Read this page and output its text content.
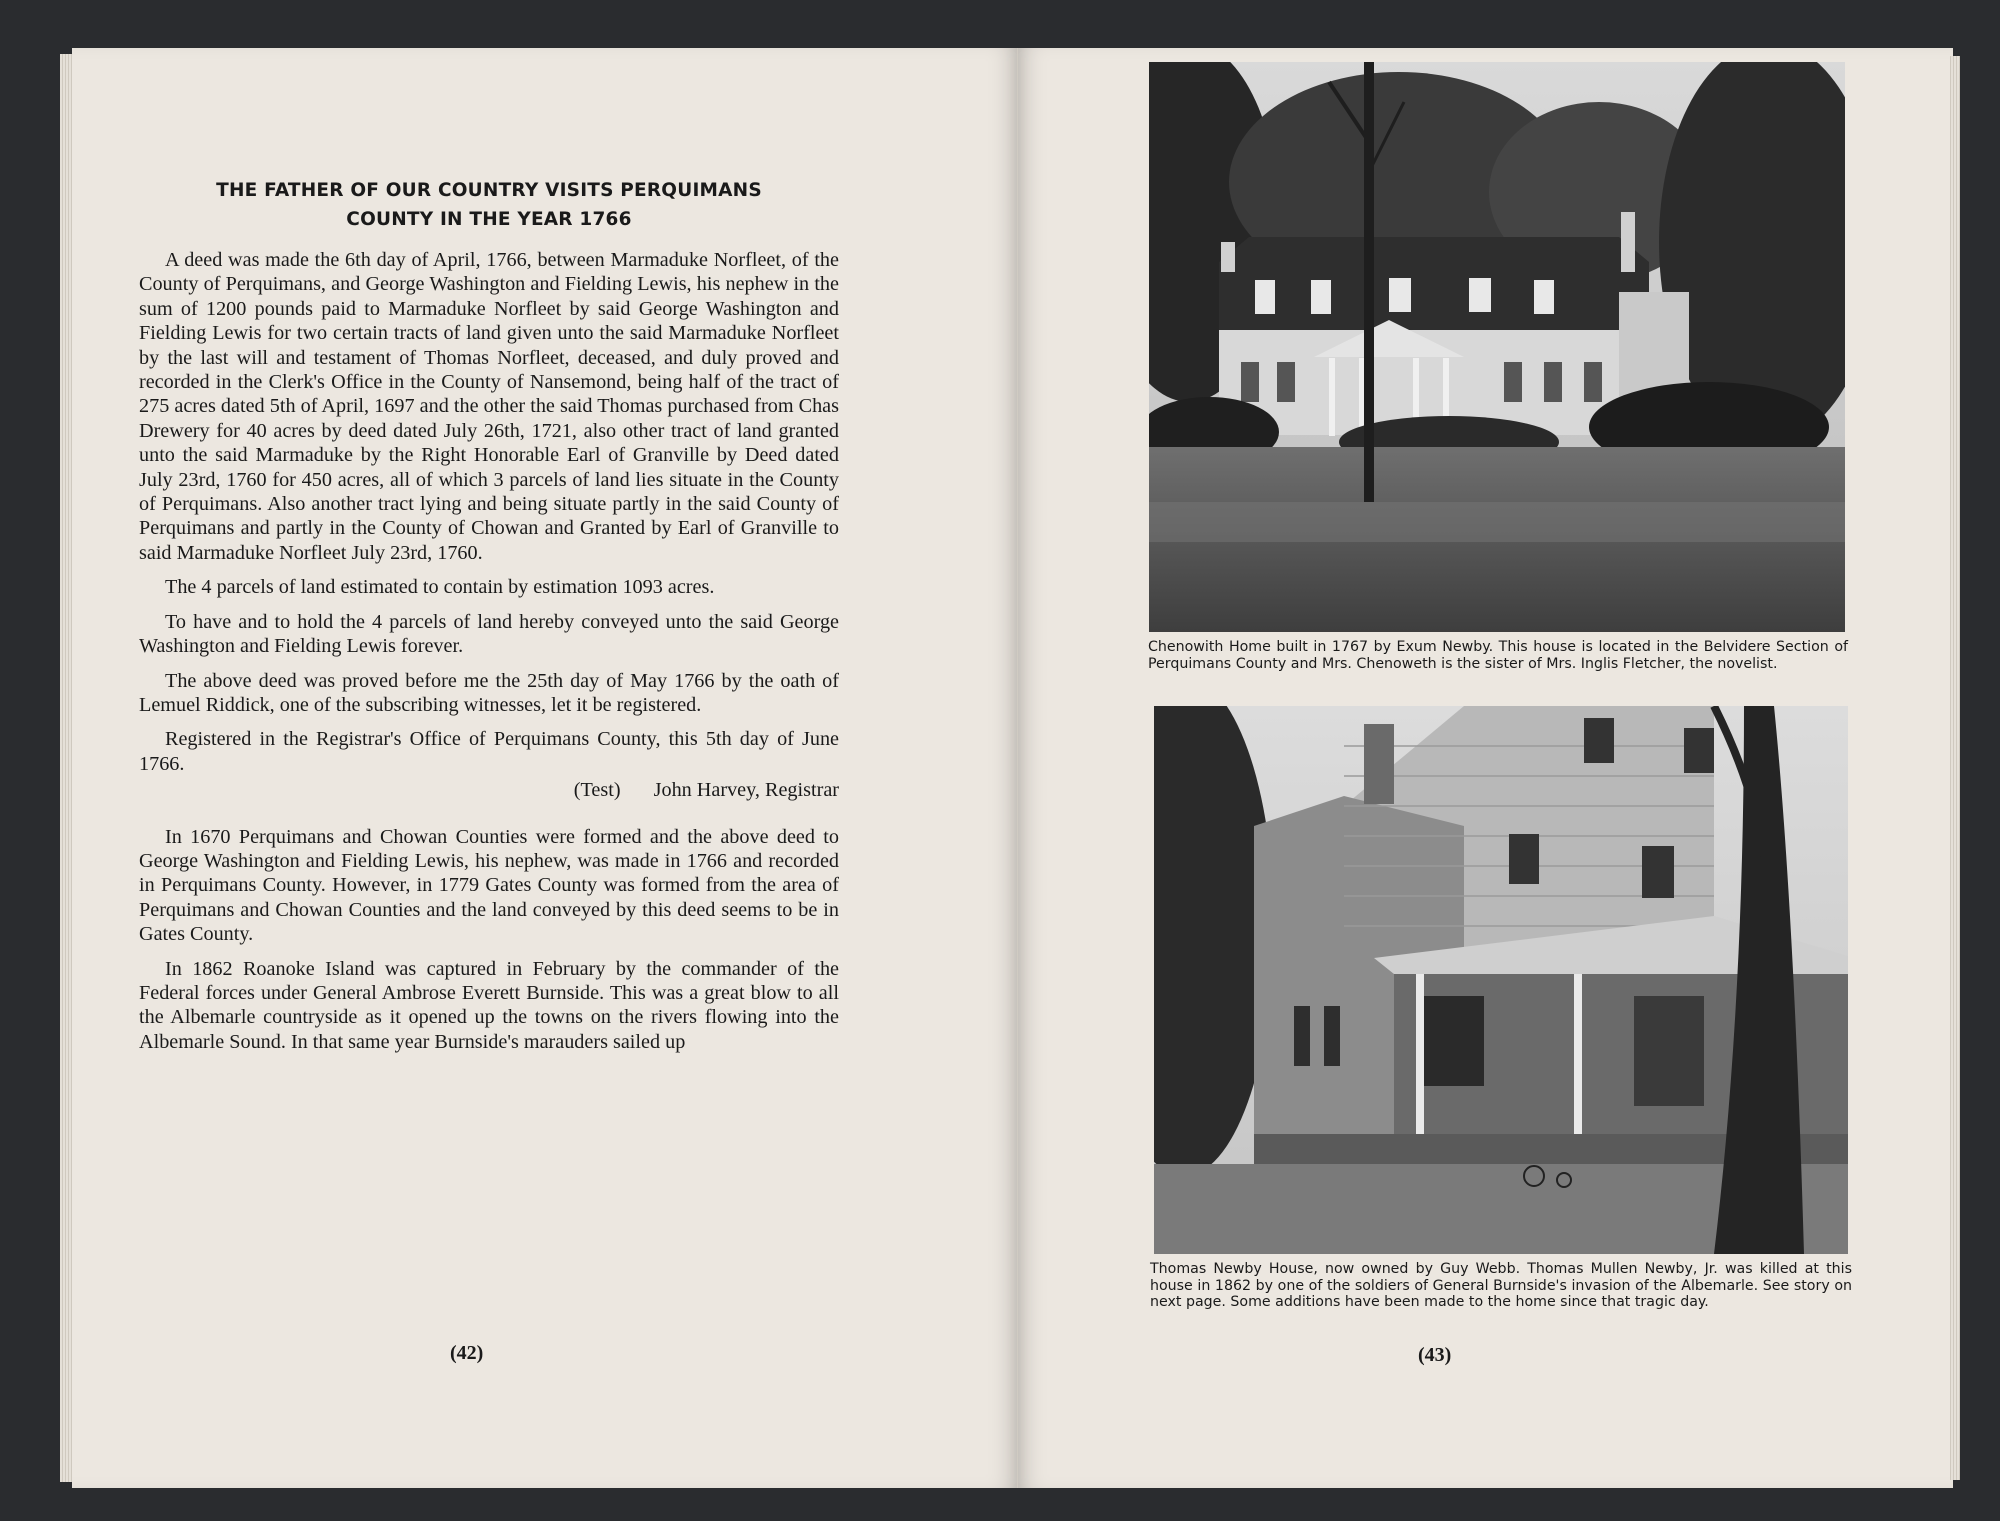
THE FATHER OF OUR COUNTRY VISITS PERQUIMANS
COUNTY IN THE YEAR 1766

A deed was made the 6th day of April, 1766, between Marmaduke Norfleet, of the County of Perquimans, and George Washington and Fielding Lewis, his nephew in the sum of 1200 pounds paid to Marmaduke Norfleet by said George Washington and Fielding Lewis for two certain tracts of land given unto the said Marmaduke Norfleet by the last will and testament of Thomas Norfleet, deceased, and duly proved and recorded in the Clerk's Office in the County of Nansemond, being half of the tract of 275 acres dated 5th of April, 1697 and the other the said Thomas purchased from Chas Drewery for 40 acres by deed dated July 26th, 1721, also other tract of land granted unto the said Marmaduke by the Right Honorable Earl of Granville by Deed dated July 23rd, 1760 for 450 acres, all of which 3 parcels of land lies situate in the County of Perquimans. Also another tract lying and being situate partly in the said County of Perquimans and partly in the County of Chowan and Granted by Earl of Granville to said Marmaduke Norfleet July 23rd, 1760.

The 4 parcels of land estimated to contain by estimation 1093 acres.

To have and to hold the 4 parcels of land hereby conveyed unto the said George Washington and Fielding Lewis forever.

The above deed was proved before me the 25th day of May 1766 by the oath of Lemuel Riddick, one of the subscribing witnesses, let it be registered.

Registered in the Registrar's Office of Perquimans County, this 5th day of June 1766.

(Test) John Harvey, Registrar

In 1670 Perquimans and Chowan Counties were formed and the above deed to George Washington and Fielding Lewis, his nephew, was made in 1766 and recorded in Perquimans County. However, in 1779 Gates County was formed from the area of Perquimans and Chowan Counties and the land conveyed by this deed seems to be in Gates County.

In 1862 Roanoke Island was captured in February by the commander of the Federal forces under General Ambrose Everett Burnside. This was a great blow to all the Albemarle countryside as it opened up the towns on the rivers flowing into the Albemarle Sound. In that same year Burnside's marauders sailed up

(42)
Chenowith Home built in 1767 by Exum Newby. This house is located in the Belvidere Section of Perquimans County and Mrs. Chenoweth is the sister of Mrs. Inglis Fletcher, the novelist.
Thomas Newby House, now owned by Guy Webb. Thomas Mullen Newby, Jr. was killed at this house in 1862 by one of the soldiers of General Burnside's invasion of the Albemarle. See story on next page. Some additions have been made to the home since that tragic day.
(43)
